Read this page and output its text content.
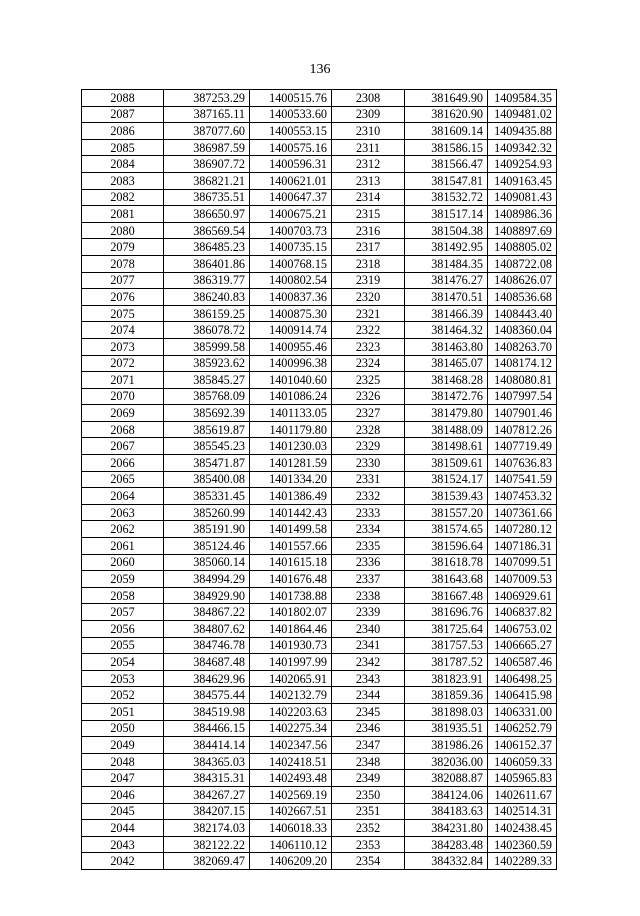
136
2088	387253.29	1400515.76	2308	381649.90	1409584.35
2087	387165.11	1400533.60	2309	381620.90	1409481.02
2086	387077.60	1400553.15	2310	381609.14	1409435.88
2085	386987.59	1400575.16	2311	381586.15	1409342.32
2084	386907.72	1400596.31	2312	381566.47	1409254.93
2083	386821.21	1400621.01	2313	381547.81	1409163.45
2082	386735.51	1400647.37	2314	381532.72	1409081.43
2081	386650.97	1400675.21	2315	381517.14	1408986.36
2080	386569.54	1400703.73	2316	381504.38	1408897.69
2079	386485.23	1400735.15	2317	381492.95	1408805.02
2078	386401.86	1400768.15	2318	381484.35	1408722.08
2077	386319.77	1400802.54	2319	381476.27	1408626.07
2076	386240.83	1400837.36	2320	381470.51	1408536.68
2075	386159.25	1400875.30	2321	381466.39	1408443.40
2074	386078.72	1400914.74	2322	381464.32	1408360.04
2073	385999.58	1400955.46	2323	381463.80	1408263.70
2072	385923.62	1400996.38	2324	381465.07	1408174.12
2071	385845.27	1401040.60	2325	381468.28	1408080.81
2070	385768.09	1401086.24	2326	381472.76	1407997.54
2069	385692.39	1401133.05	2327	381479.80	1407901.46
2068	385619.87	1401179.80	2328	381488.09	1407812.26
2067	385545.23	1401230.03	2329	381498.61	1407719.49
2066	385471.87	1401281.59	2330	381509.61	1407636.83
2065	385400.08	1401334.20	2331	381524.17	1407541.59
2064	385331.45	1401386.49	2332	381539.43	1407453.32
2063	385260.99	1401442.43	2333	381557.20	1407361.66
2062	385191.90	1401499.58	2334	381574.65	1407280.12
2061	385124.46	1401557.66	2335	381596.64	1407186.31
2060	385060.14	1401615.18	2336	381618.78	1407099.51
2059	384994.29	1401676.48	2337	381643.68	1407009.53
2058	384929.90	1401738.88	2338	381667.48	1406929.61
2057	384867.22	1401802.07	2339	381696.76	1406837.82
2056	384807.62	1401864.46	2340	381725.64	1406753.02
2055	384746.78	1401930.73	2341	381757.53	1406665.27
2054	384687.48	1401997.99	2342	381787.52	1406587.46
2053	384629.96	1402065.91	2343	381823.91	1406498.25
2052	384575.44	1402132.79	2344	381859.36	1406415.98
2051	384519.98	1402203.63	2345	381898.03	1406331.00
2050	384466.15	1402275.34	2346	381935.51	1406252.79
2049	384414.14	1402347.56	2347	381986.26	1406152.37
2048	384365.03	1402418.51	2348	382036.00	1406059.33
2047	384315.31	1402493.48	2349	382088.87	1405965.83
2046	384267.27	1402569.19	2350	384124.06	1402611.67
2045	384207.15	1402667.51	2351	384183.63	1402514.31
2044	382174.03	1406018.33	2352	384231.80	1402438.45
2043	382122.22	1406110.12	2353	384283.48	1402360.59
2042	382069.47	1406209.20	2354	384332.84	1402289.33
